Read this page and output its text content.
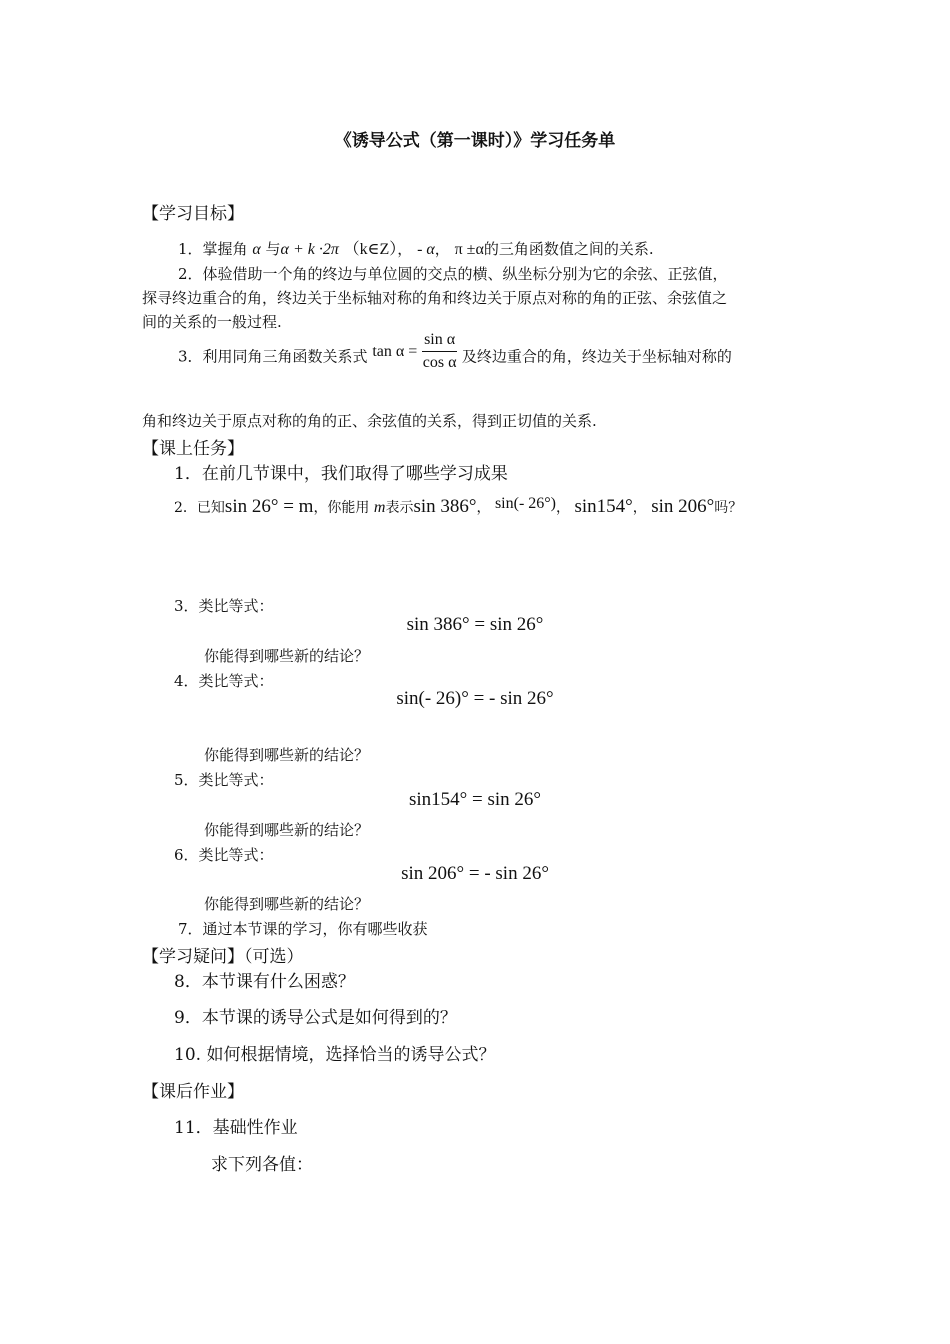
《诱导公式（第一课时）》学习任务单
【学习目标】
1．掌握角 α 与α + k ·2π （k∈Z）， - α， π ±α的三角函数值之间的关系.
2．体验借助一个角的终边与单位圆的交点的横、纵坐标分别为它的余弦、正弦值，
探寻终边重合的角，终边关于坐标轴对称的角和终边关于原点对称的角的正弦、余弦值之
间的关系的一般过程.
3．利用同角三角函数关系式 $\tan \alpha = \frac{\text{sin α}}{\text{cos α}}$ 及终边重合的角，终边关于坐标轴对称的
角和终边关于原点对称的角的正、余弦值的关系，得到正切值的关系.
【课上任务】
1．在前几节课中，我们取得了哪些学习成果
2．已知sin 26° = m，你能用 m表示sin 386°， sin(- 26°)， sin154°， sin 206°吗？
3．类比等式：
sin 386° = sin 26°
你能得到哪些新的结论？
4．类比等式：
sin(- 26)° = - sin 26°
你能得到哪些新的结论？
5．类比等式：
sin154° = sin 26°
你能得到哪些新的结论？
6．类比等式：
sin 206° = - sin 26°
你能得到哪些新的结论？
7．通过本节课的学习，你有哪些收获
【学习疑问】（可选）
8．本节课有什么困惑？
9．本节课的诱导公式是如何得到的？
10. 如何根据情境，选择恰当的诱导公式？
【课后作业】
11．基础性作业
求下列各值：
